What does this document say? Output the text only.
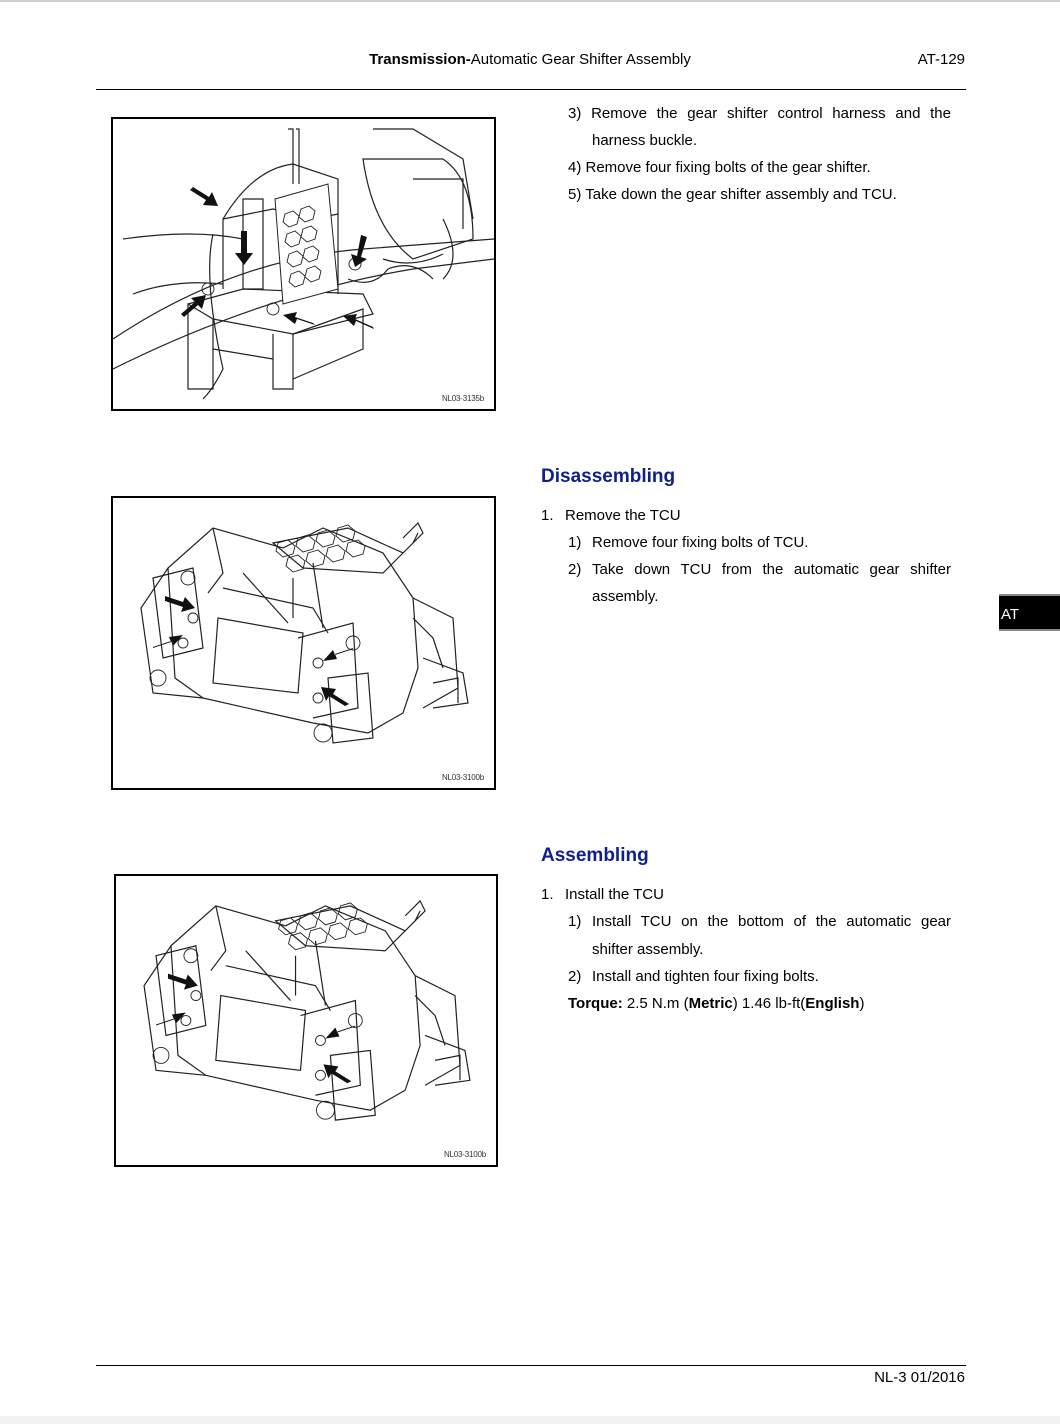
Transmission-Automatic Gear Shifter Assembly	AT-129
NL03-3135b
3) Remove the gear shifter control harness and the
harness buckle.
4) Remove four fixing bolts of the gear shifter.
5) Take down the gear shifter assembly and TCU.
NL03-3100b
Disassembling
1. Remove the TCU
1) Remove four fixing bolts of TCU.
2) Take down TCU from the automatic gear shifter
assembly.
AT
NL03-3100b
Assembling
1. Install the TCU
1) Install TCU on the bottom of the automatic gear
shifter assembly.
2) Install and tighten four fixing bolts.
Torque: 2.5 N.m (Metric) 1.46 lb-ft(English)
NL-3 01/2016
